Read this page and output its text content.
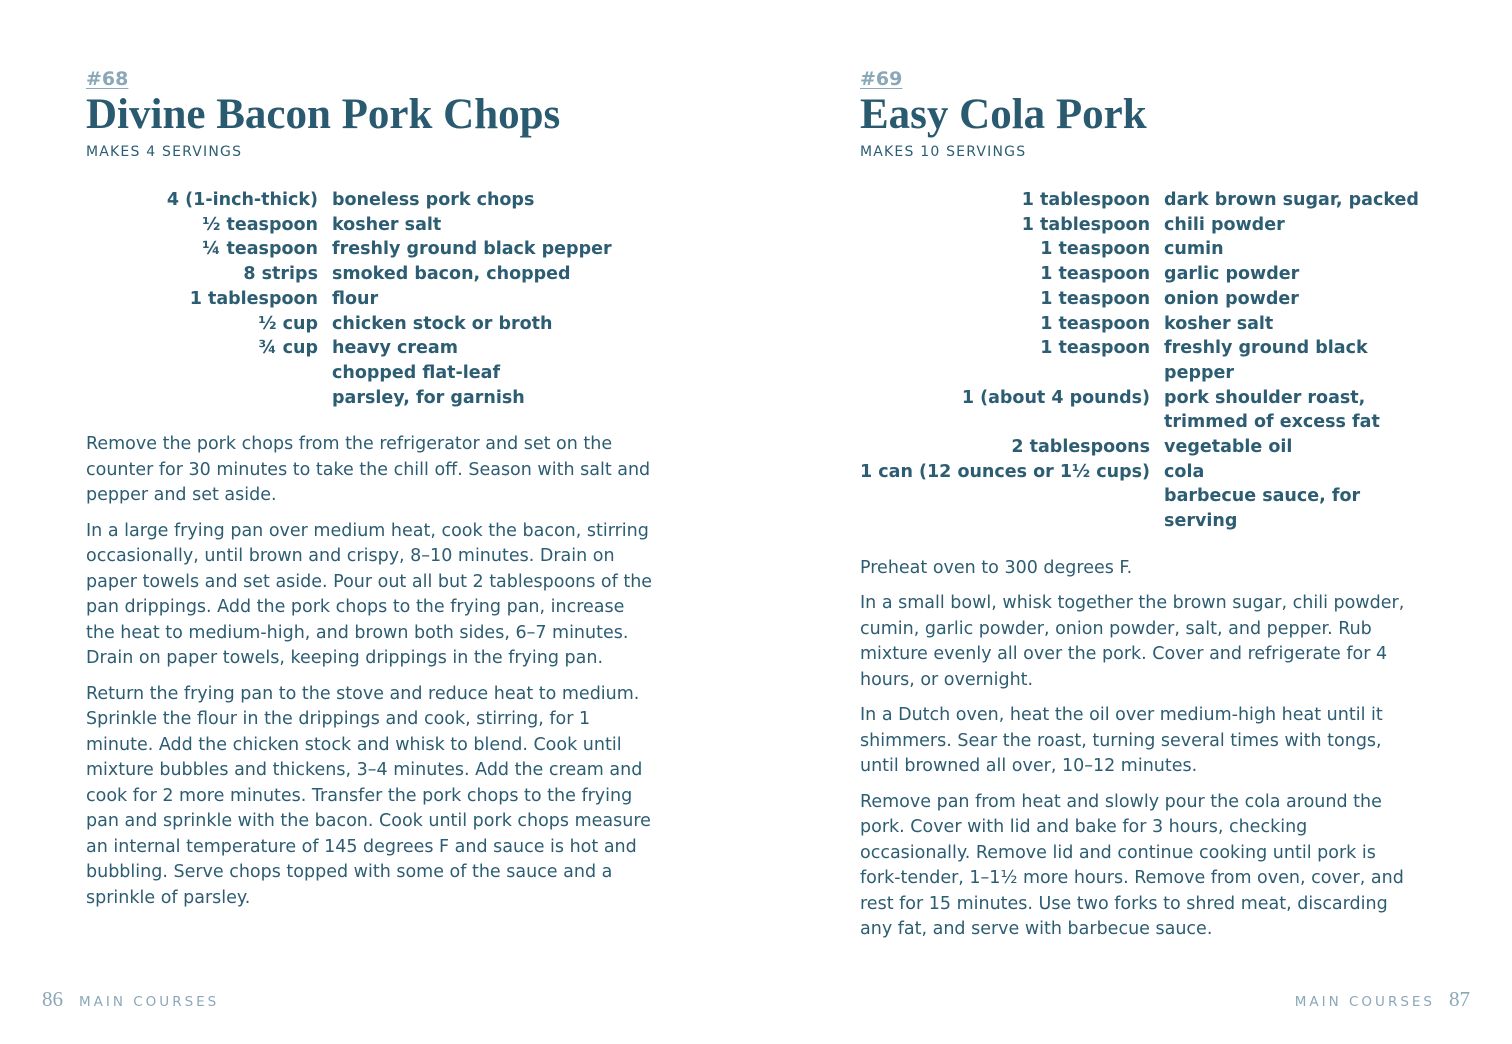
#68
Divine Bacon Pork Chops
MAKES 4 SERVINGS
4 (1-inch-thick)	boneless pork chops
½ teaspoon	kosher salt
¼ teaspoon	freshly ground black pepper
8 strips	smoked bacon, chopped
1 tablespoon	flour
½ cup	chicken stock or broth
¾ cup	heavy cream
	chopped flat-leaf
parsley, for garnish

Remove the pork chops from the refrigerator and set on the counter for 30 minutes to take the chill off. Season with salt and pepper and set aside.

In a large frying pan over medium heat, cook the bacon, stirring occasionally, until brown and crispy, 8–10 minutes. Drain on paper towels and set aside. Pour out all but 2 tablespoons of the pan drippings. Add the pork chops to the frying pan, increase the heat to medium-high, and brown both sides, 6–7 minutes. Drain on paper towels, keeping drippings in the frying pan.

Return the frying pan to the stove and reduce heat to medium. Sprinkle the flour in the drippings and cook, stirring, for 1 minute. Add the chicken stock and whisk to blend. Cook until mixture bubbles and thickens, 3–4 minutes. Add the cream and cook for 2 more minutes. Transfer the pork chops to the frying pan and sprinkle with the bacon. Cook until pork chops measure an internal temperature of 145 degrees F and sauce is hot and bubbling. Serve chops topped with some of the sauce and a sprinkle of parsley.

86 MAIN COURSES
#69
Easy Cola Pork
MAKES 10 SERVINGS
1 tablespoon	dark brown sugar, packed
1 tablespoon	chili powder
1 teaspoon	cumin
1 teaspoon	garlic powder
1 teaspoon	onion powder
1 teaspoon	kosher salt
1 teaspoon	freshly ground black pepper
1 (about 4 pounds)	pork shoulder roast,
trimmed of excess fat
2 tablespoons	vegetable oil
1 can (12 ounces or 1½ cups)	cola
	barbecue sauce, for serving

Preheat oven to 300 degrees F.

In a small bowl, whisk together the brown sugar, chili powder, cumin, garlic powder, onion powder, salt, and pepper. Rub mixture evenly all over the pork. Cover and refrigerate for 4 hours, or overnight.

In a Dutch oven, heat the oil over medium-high heat until it shimmers. Sear the roast, turning several times with tongs, until browned all over, 10–12 minutes.

Remove pan from heat and slowly pour the cola around the pork. Cover with lid and bake for 3 hours, checking occasionally. Remove lid and continue cooking until pork is fork-tender, 1–1½ more hours. Remove from oven, cover, and rest for 15 minutes. Use two forks to shred meat, discarding any fat, and serve with barbecue sauce.

MAIN COURSES 87
